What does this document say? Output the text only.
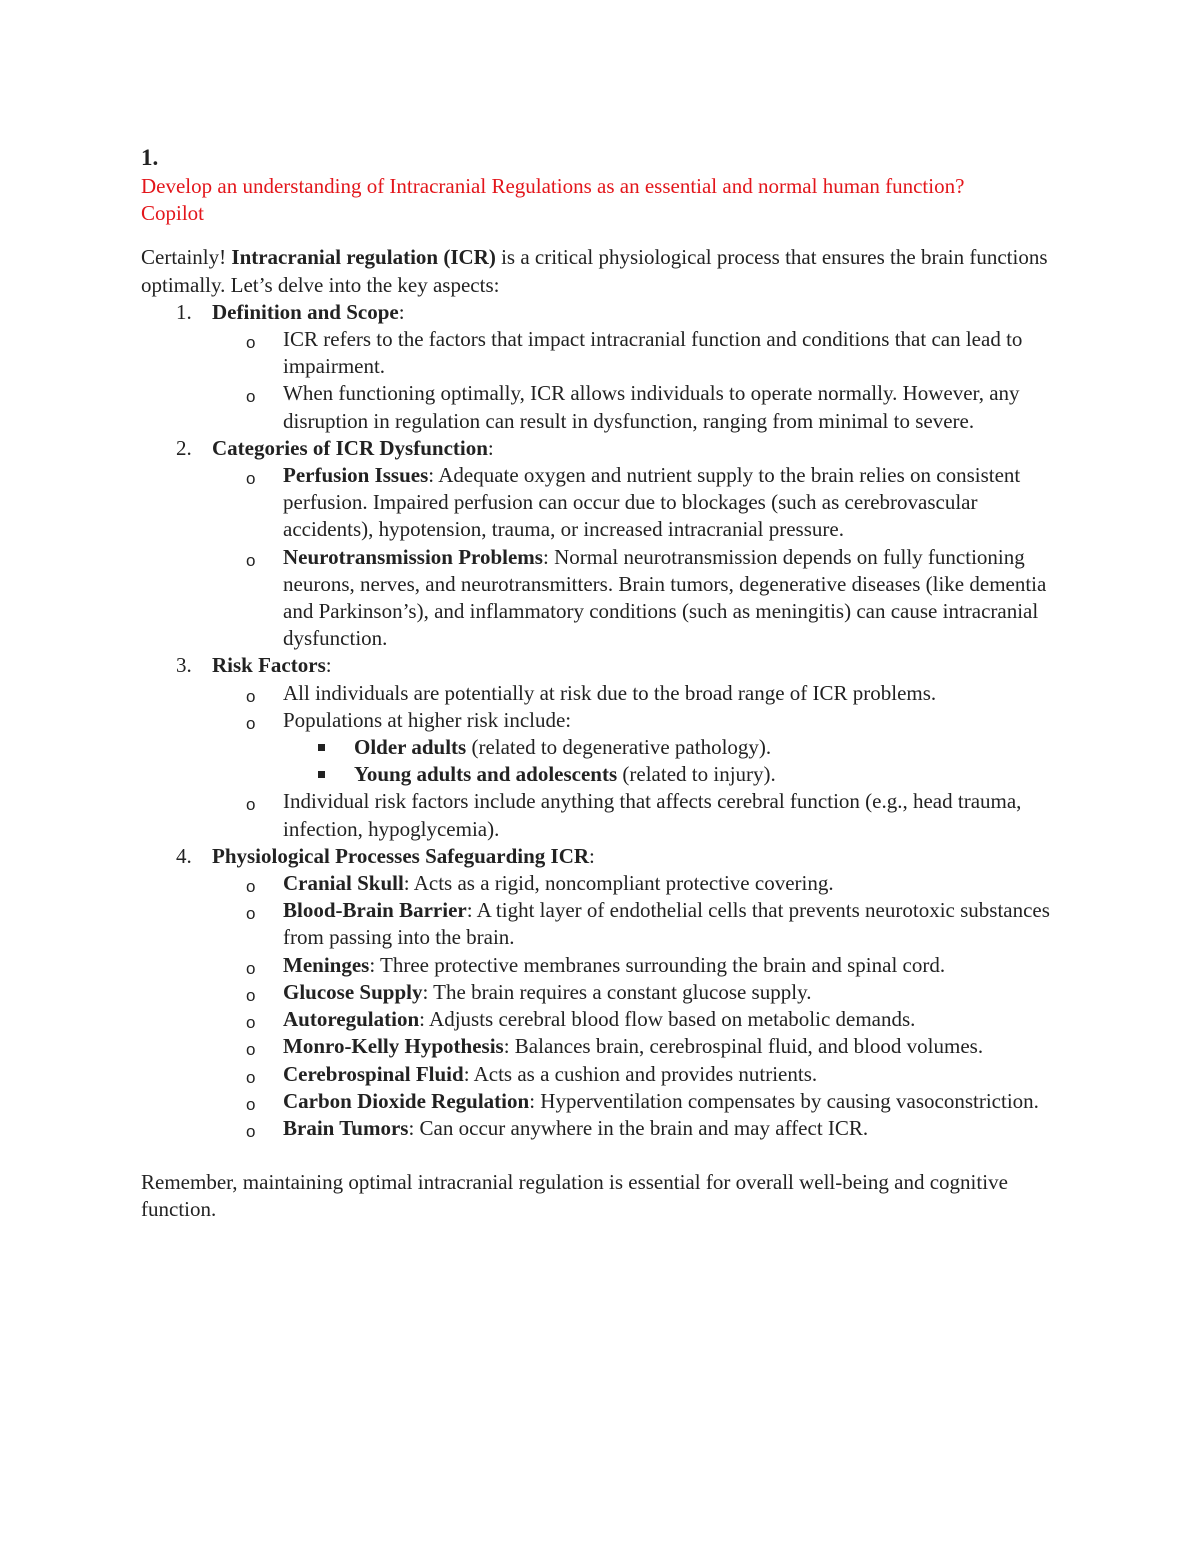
1.

Develop an understanding of Intracranial Regulations as an essential and normal human function?

Copilot

Certainly! Intracranial regulation (ICR) is a critical physiological process that ensures the brain functions optimally. Let’s delve into the key aspects:

1. Definition and Scope:
o ICR refers to the factors that impact intracranial function and conditions that can lead to impairment.
o When functioning optimally, ICR allows individuals to operate normally. However, any disruption in regulation can result in dysfunction, ranging from minimal to severe.
2. Categories of ICR Dysfunction:
o Perfusion Issues: Adequate oxygen and nutrient supply to the brain relies on consistent perfusion. Impaired perfusion can occur due to blockages (such as cerebrovascular accidents), hypotension, trauma, or increased intracranial pressure.
o Neurotransmission Problems: Normal neurotransmission depends on fully functioning neurons, nerves, and neurotransmitters. Brain tumors, degenerative diseases (like dementia and Parkinson’s), and inflammatory conditions (such as meningitis) can cause intracranial dysfunction.
3. Risk Factors:
o All individuals are potentially at risk due to the broad range of ICR problems.
o Populations at higher risk include:
Older adults (related to degenerative pathology).
Young adults and adolescents (related to injury).
o Individual risk factors include anything that affects cerebral function (e.g., head trauma, infection, hypoglycemia).
4. Physiological Processes Safeguarding ICR:
o Cranial Skull: Acts as a rigid, noncompliant protective covering.
o Blood-Brain Barrier: A tight layer of endothelial cells that prevents neurotoxic substances from passing into the brain.
o Meninges: Three protective membranes surrounding the brain and spinal cord.
o Glucose Supply: The brain requires a constant glucose supply.
o Autoregulation: Adjusts cerebral blood flow based on metabolic demands.
o Monro-Kelly Hypothesis: Balances brain, cerebrospinal fluid, and blood volumes.
o Cerebrospinal Fluid: Acts as a cushion and provides nutrients.
o Carbon Dioxide Regulation: Hyperventilation compensates by causing vasoconstriction.
o Brain Tumors: Can occur anywhere in the brain and may affect ICR.

Remember, maintaining optimal intracranial regulation is essential for overall well-being and cognitive function.
